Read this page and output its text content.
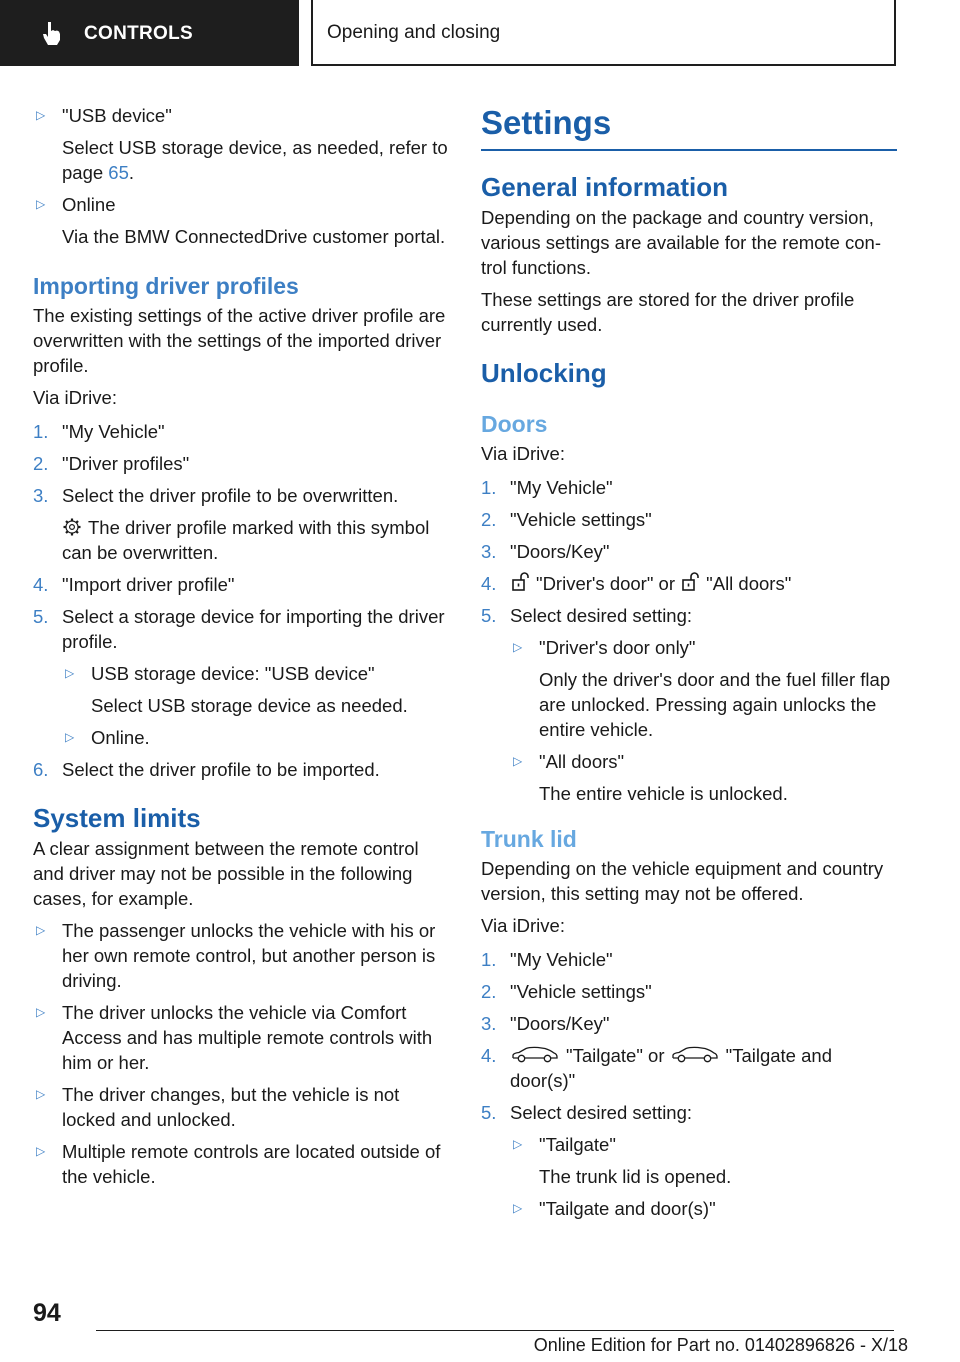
CONTROLS	Opening and closing
▷ "USB device"
Select USB storage device, as needed, refer to page 65.
▷ Online
Via the BMW ConnectedDrive customer portal.
Importing driver profiles

The existing settings of the active driver profile are overwritten with the settings of the imported driver profile.

Via iDrive:

1. "My Vehicle"
2. "Driver profiles"
3. Select the driver profile to be overwritten.
The driver profile marked with this symbol can be overwritten.
4. "Import driver profile"
5. Select a storage device for importing the driver profile.
▷ USB storage device: "USB device"
Select USB storage device as needed.
▷ Online.
6. Select the driver profile to be imported.
System limits

A clear assignment between the remote control and driver may not be possible in the following cases, for example.

▷ The passenger unlocks the vehicle with his or her own remote control, but another person is driving.
▷ The driver unlocks the vehicle via Comfort Access and has multiple remote controls with him or her.
▷ The driver changes, but the vehicle is not locked and unlocked.
▷ Multiple remote controls are located outside of the vehicle.
Settings
General information

Depending on the package and country version, various settings are available for the remote control functions.

These settings are stored for the driver profile currently used.

Unlocking
Doors

Via iDrive:

1. "My Vehicle"
2. "Vehicle settings"
3. "Doors/Key"
4. "Driver's door" or "All doors"
5. Select desired setting:
▷ "Driver's door only"
Only the driver's door and the fuel filler flap are unlocked. Pressing again unlocks the entire vehicle.
▷ "All doors"
The entire vehicle is unlocked.
Trunk lid

Depending on the vehicle equipment and country version, this setting may not be offered.

Via iDrive:

1. "My Vehicle"
2. "Vehicle settings"
3. "Doors/Key"
4.	"Tailgate" or	"Tailgate and door(s)"
5. Select desired setting:
▷ "Tailgate"
The trunk lid is opened.
▷ "Tailgate and door(s)"
94
Online Edition for Part no. 01402896826 - X/18
